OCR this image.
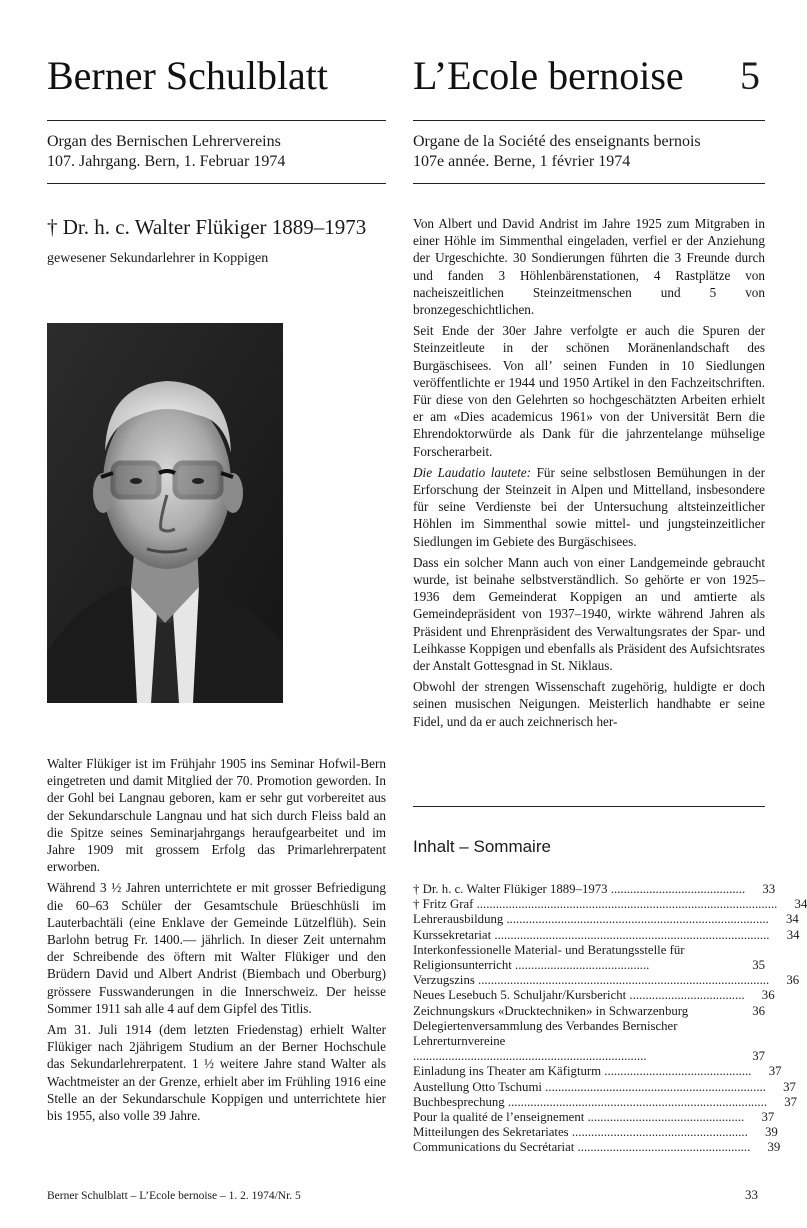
Berner Schulblatt L’Ecole bernoise 5
Organ des Bernischen Lehrervereins
107. Jahrgang. Bern, 1. Februar 1974
Organe de la Société des enseignants bernois
107e année. Berne, 1 février 1974
† Dr. h. c. Walter Flükiger 1889–1973
gewesener Sekundarlehrer in Koppigen

Walter Flükiger ist im Frühjahr 1905 ins Seminar Hofwil-Bern eingetreten und damit Mitglied der 70. Promotion geworden. In der Gohl bei Langnau geboren, kam er sehr gut vorbereitet aus der Sekundarschule Langnau und hat sich durch Fleiss bald an die Spitze seines Seminarjahrgangs heraufgearbeitet und im Jahre 1909 mit grossem Erfolg das Primarlehrerpatent erworben.

Während 3 ½ Jahren unterrichtete er mit grosser Befriedigung die 60–63 Schüler der Gesamtschule Brüeschhüsli im Lauterbachtäli (eine Enklave der Gemeinde Lützelflüh). Sein Barlohn betrug Fr. 1400.— jährlich. In dieser Zeit unternahm der Schreibende des öftern mit Walter Flükiger und den Brüdern David und Albert Andrist (Biembach und Oberburg) grössere Fusswanderungen in die Innerschweiz. Der heisse Sommer 1911 sah alle 4 auf dem Gipfel des Titlis.

Am 31. Juli 1914 (dem letzten Friedenstag) erhielt Walter Flükiger nach 2jährigem Studium an der Berner Hochschule das Sekundarlehrerpatent. 1 ½ weitere Jahre stand Walter als Wachtmeister an der Grenze, erhielt aber im Frühling 1916 eine Stelle an der Sekundarschule Koppigen und unterrichtete hier bis 1955, also volle 39 Jahre.

Von Albert und David Andrist im Jahre 1925 zum Mitgraben in einer Höhle im Simmenthal eingeladen, verfiel er der Anziehung der Urgeschichte. 30 Sondierungen führten die 3 Freunde durch und fanden 3 Höhlenbärenstationen, 4 Rastplätze von nacheiszeitlichen Steinzeitmenschen und 5 von bronzegeschichtlichen.

Seit Ende der 30er Jahre verfolgte er auch die Spuren der Steinzeitleute in der schönen Moränenlandschaft des Burgäschisees. Von all’ seinen Funden in 10 Siedlungen veröffentlichte er 1944 und 1950 Artikel in den Fachzeitschriften. Für diese von den Gelehrten so hochgeschätzten Arbeiten erhielt er am «Dies academicus 1961» von der Universität Bern die Ehrendoktorwürde als Dank für die jahrzentelange mühselige Forscherarbeit.

Die Laudatio lautete: Für seine selbstlosen Bemühungen in der Erforschung der Steinzeit in Alpen und Mittelland, insbesondere für seine Verdienste bei der Untersuchung altsteinzeitlicher Höhlen im Simmenthal sowie mittel- und jungsteinzeitlicher Siedlungen im Gebiete des Burgäschisees.

Dass ein solcher Mann auch von einer Landgemeinde gebraucht wurde, ist beinahe selbstverständlich. So gehörte er von 1925–1936 dem Gemeinderat Koppigen an und amtierte als Gemeindepräsident von 1937–1940, wirkte während Jahren als Präsident und Ehrenpräsident des Verwaltungsrates der Spar- und Leihkasse Koppigen und ebenfalls als Präsident des Aufsichtsrates der Anstalt Gottesgnad in St. Niklaus.

Obwohl der strengen Wissenschaft zugehörig, huldigte er doch seinen musischen Neigungen. Meisterlich handhabte er seine Fidel, und da er auch zeichnerisch her-

Inhalt – Sommaire
† Dr. h. c. Walter Flükiger 1889–1973 ..........................................	33
† Fritz Graf ..............................................................................................	34
Lehrerausbildung ..................................................................................	34
Kurssekretariat ......................................................................................	34
Interkonfessionelle Material- und Beratungsstelle für Religionsunterricht ..........................................	35
Verzugszins ...........................................................................................	36
Neues Lesebuch 5. Schuljahr/Kursbericht ....................................	36
Zeichnungskurs «Drucktechniken» in Schwarzenburg	36
Delegiertenversammlung des Verbandes Bernischer Lehrerturnvereine .........................................................................	37
Einladung ins Theater am Käfigturm ..............................................	37
Austellung Otto Tschumi .....................................................................	37
Buchbesprechung .................................................................................	37
Pour la qualité de l’enseignement .................................................	37
Mitteilungen des Sekretariates .......................................................	39
Communications du Secrétariat ......................................................	39
Berner Schulblatt – L’Ecole bernoise – 1. 2. 1974/Nr. 5	33
